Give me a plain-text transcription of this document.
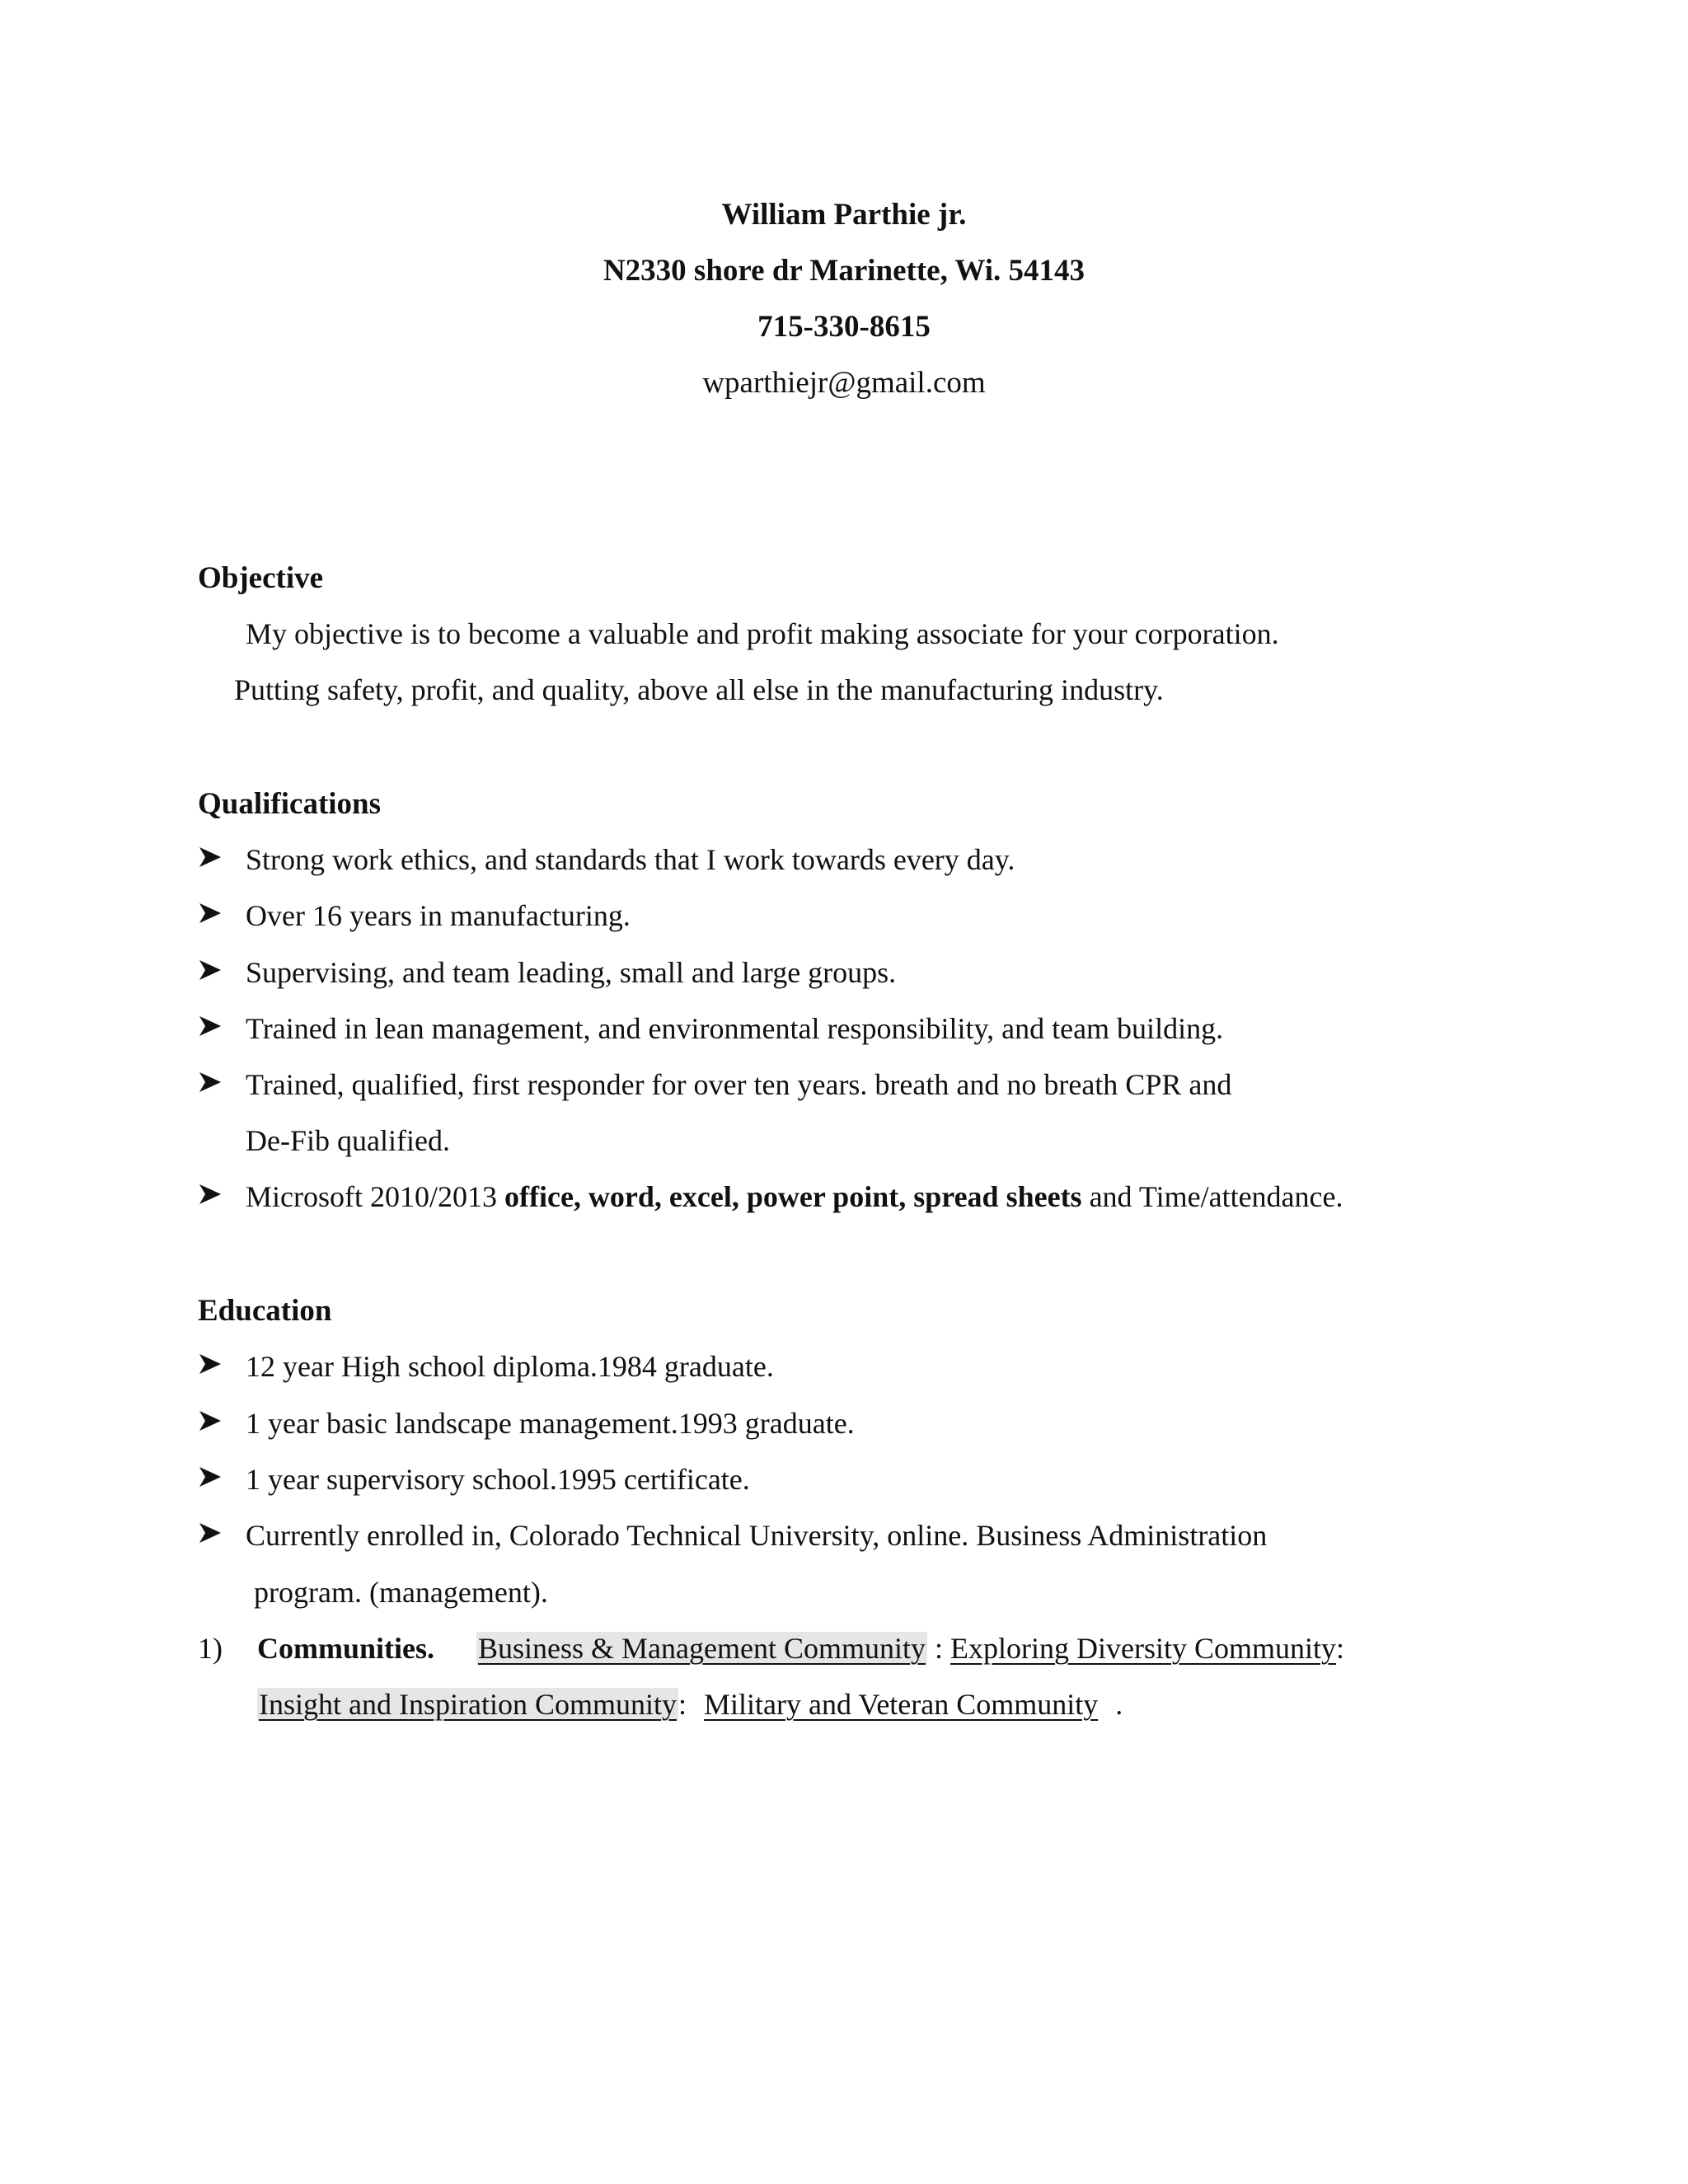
William Parthie jr.
N2330 shore dr Marinette, Wi. 54143
715-330-8615
wparthiejr@gmail.com
Objective
My objective is to become a valuable and profit making associate for your corporation.
Putting safety, profit, and quality, above all else in the manufacturing industry.
Qualifications
Strong work ethics, and standards that I work towards every day.
Over 16 years in manufacturing.
Supervising, and team leading, small and large groups.
Trained in lean management, and environmental responsibility, and team building.
Trained, qualified, first responder for over ten years. breath and no breath CPR and
De-Fib qualified.
Microsoft 2010/2013 office, word, excel, power point, spread sheets and Time/attendance.
Education
12 year High school diploma.1984 graduate.
1 year basic landscape management.1993 graduate.
1 year supervisory school.1995 certificate.
Currently enrolled in, Colorado Technical University, online. Business Administration
program. (management).
1) Communities. Business & Management Community : Exploring Diversity Community:
Insight and Inspiration Community: Military and Veteran Community .
